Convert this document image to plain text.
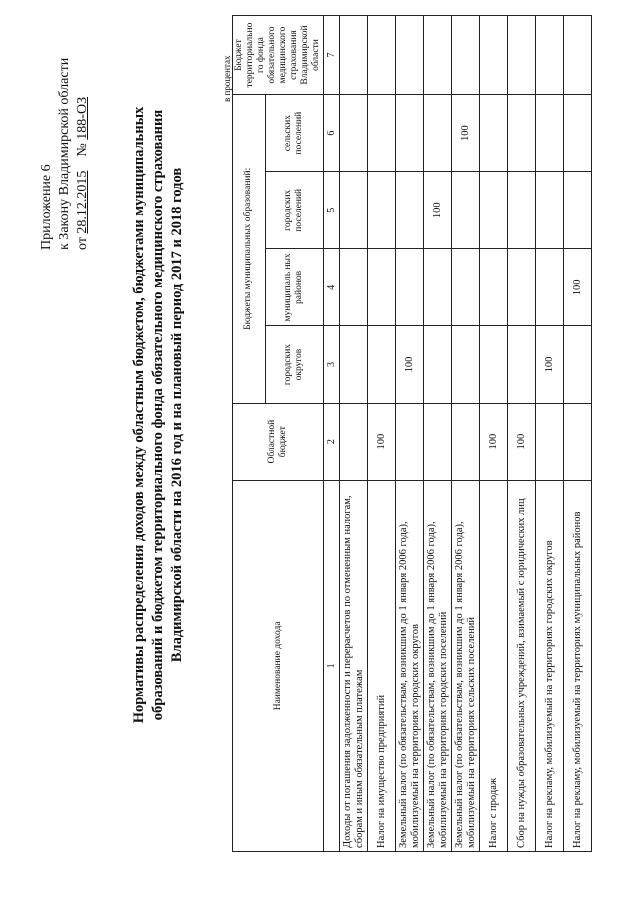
Приложение 6 к Закону Владимирской области от 28.12.2015    № 188-ОЗ	Нормативы распределения доходов между областным бюджетом, бюджетами муниципальных образований и бюджетом территориального фонда обязательного медицинского страхования Владимирской области на 2016 год и на плановый период 2017 и 2018 годов
в процентах
Наименование дохода	Областной бюджет	Бюджеты муниципальных образований:				Бюджет территориально го фонда обязательного медицинского страхования Владимирской области
		городских округов	муниципаль ных районов	городских поселений	сельских поселений	
1	2	3	4	5	6	7
Доходы от погашения задолженности и перерасчетов по отмененным налогам, сборам и иным обязательным платежам						
Налог на имущество предприятий	100					
Земельный налог (по обязательствам, возникшим до 1 января 2006 года), мобилизуемый на территориях городских округов		100				
Земельный налог (по обязательствам, возникшим до 1 января 2006 года), мобилизуемый на территориях городских поселений				100		
Земельный налог (по обязательствам, возникшим до 1 января 2006 года), мобилизуемый на территориях сельских поселений					100	
Налог с продаж	100					
Сбор на нужды образовательных учреждений, взимаемый с юридических лиц	100					
Налог на рекламу, мобилизуемый на территориях городских округов		100				
Налог на рекламу, мобилизуемый на территориях муниципальных районов			100			
